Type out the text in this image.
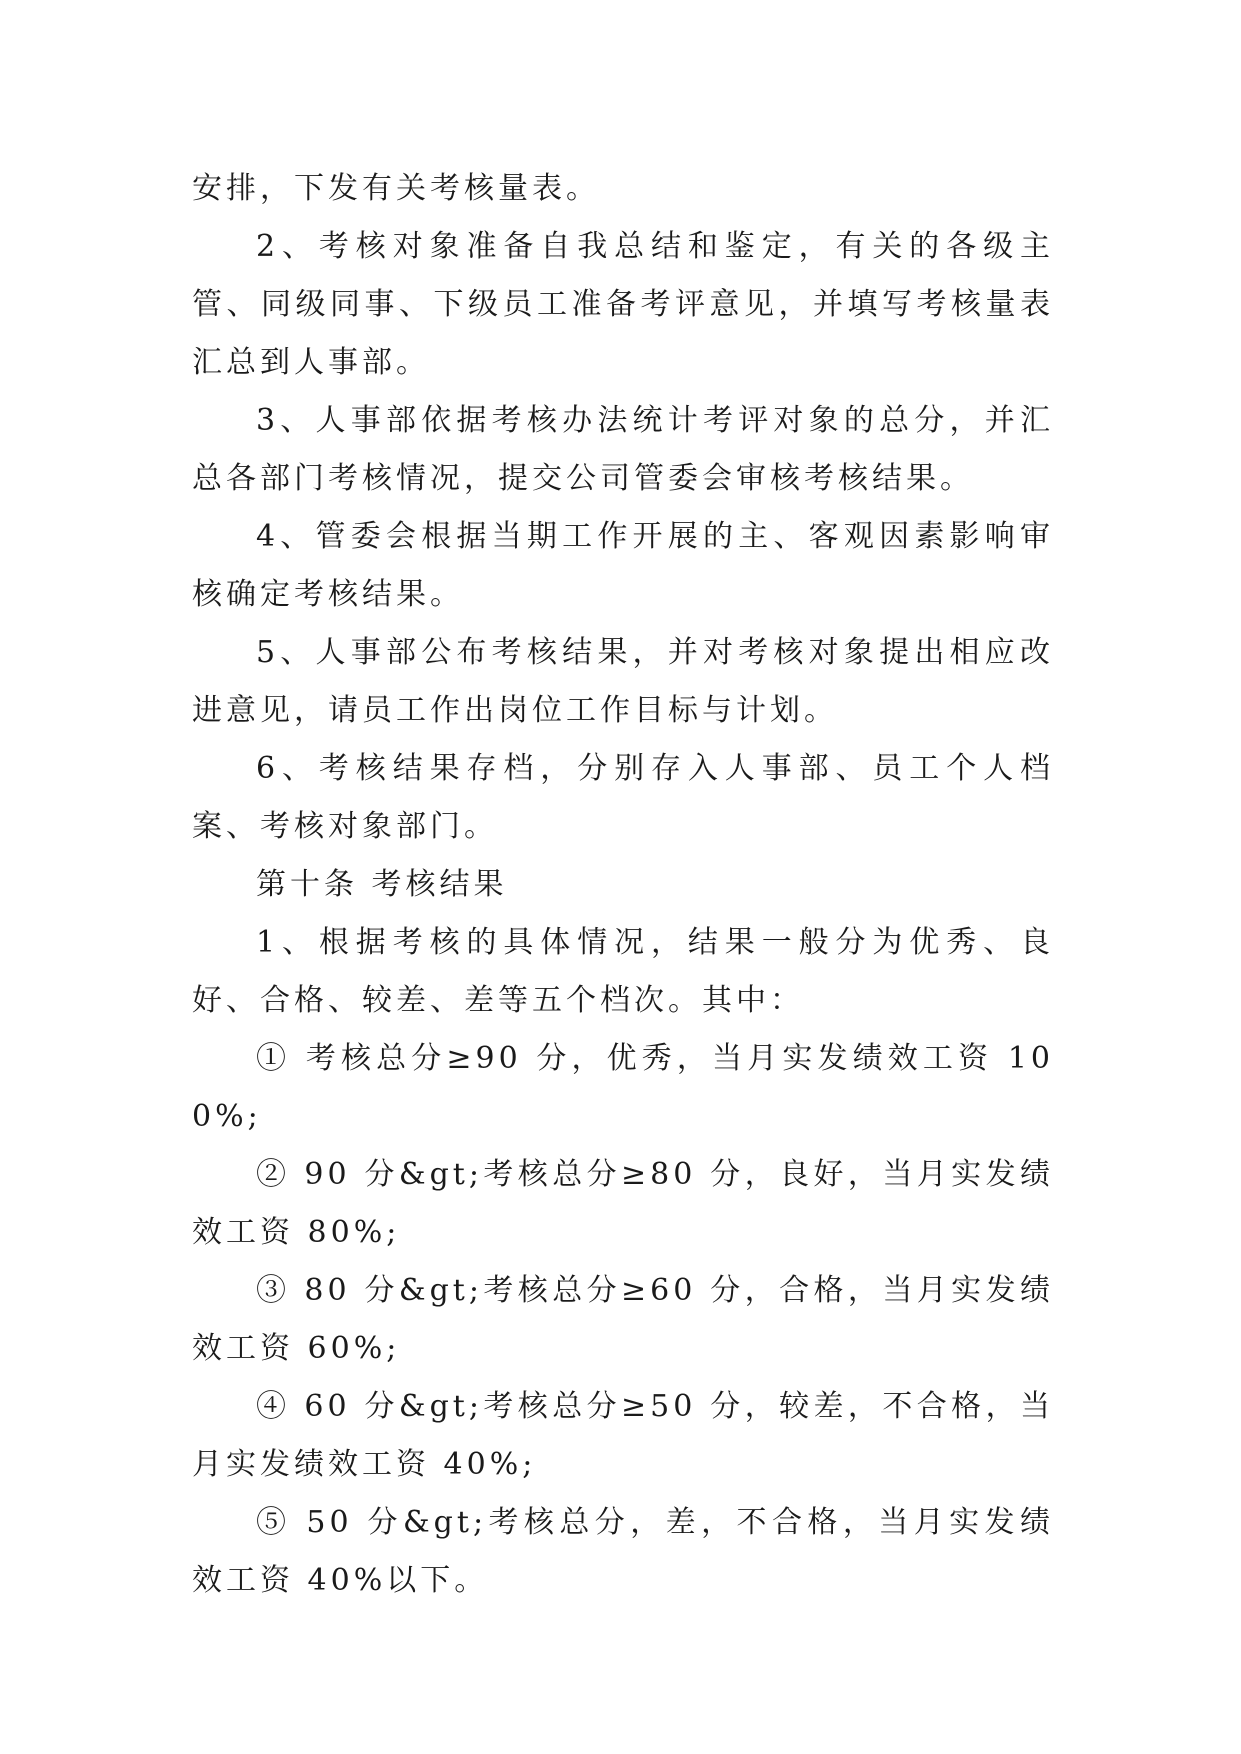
安排，下发有关考核量表。

2、考核对象准备自我总结和鉴定，有关的各级主管、同级同事、下级员工准备考评意见，并填写考核量表汇总到人事部。

3、人事部依据考核办法统计考评对象的总分，并汇总各部门考核情况，提交公司管委会审核考核结果。

4、管委会根据当期工作开展的主、客观因素影响审核确定考核结果。

5、人事部公布考核结果，并对考核对象提出相应改进意见，请员工作出岗位工作目标与计划。

6、考核结果存档，分别存入人事部、员工个人档案、考核对象部门。

第十条 考核结果

1、根据考核的具体情况，结果一般分为优秀、良好、合格、较差、差等五个档次。其中：

① 考核总分≥90 分，优秀，当月实发绩效工资 100%;

② 90 分&gt;考核总分≥80 分，良好，当月实发绩效工资 80%;

③ 80 分&gt;考核总分≥60 分，合格，当月实发绩效工资 60%;

④ 60 分&gt;考核总分≥50 分，较差，不合格，当月实发绩效工资 40%;

⑤ 50 分&gt;考核总分，差，不合格，当月实发绩效工资 40%以下。
